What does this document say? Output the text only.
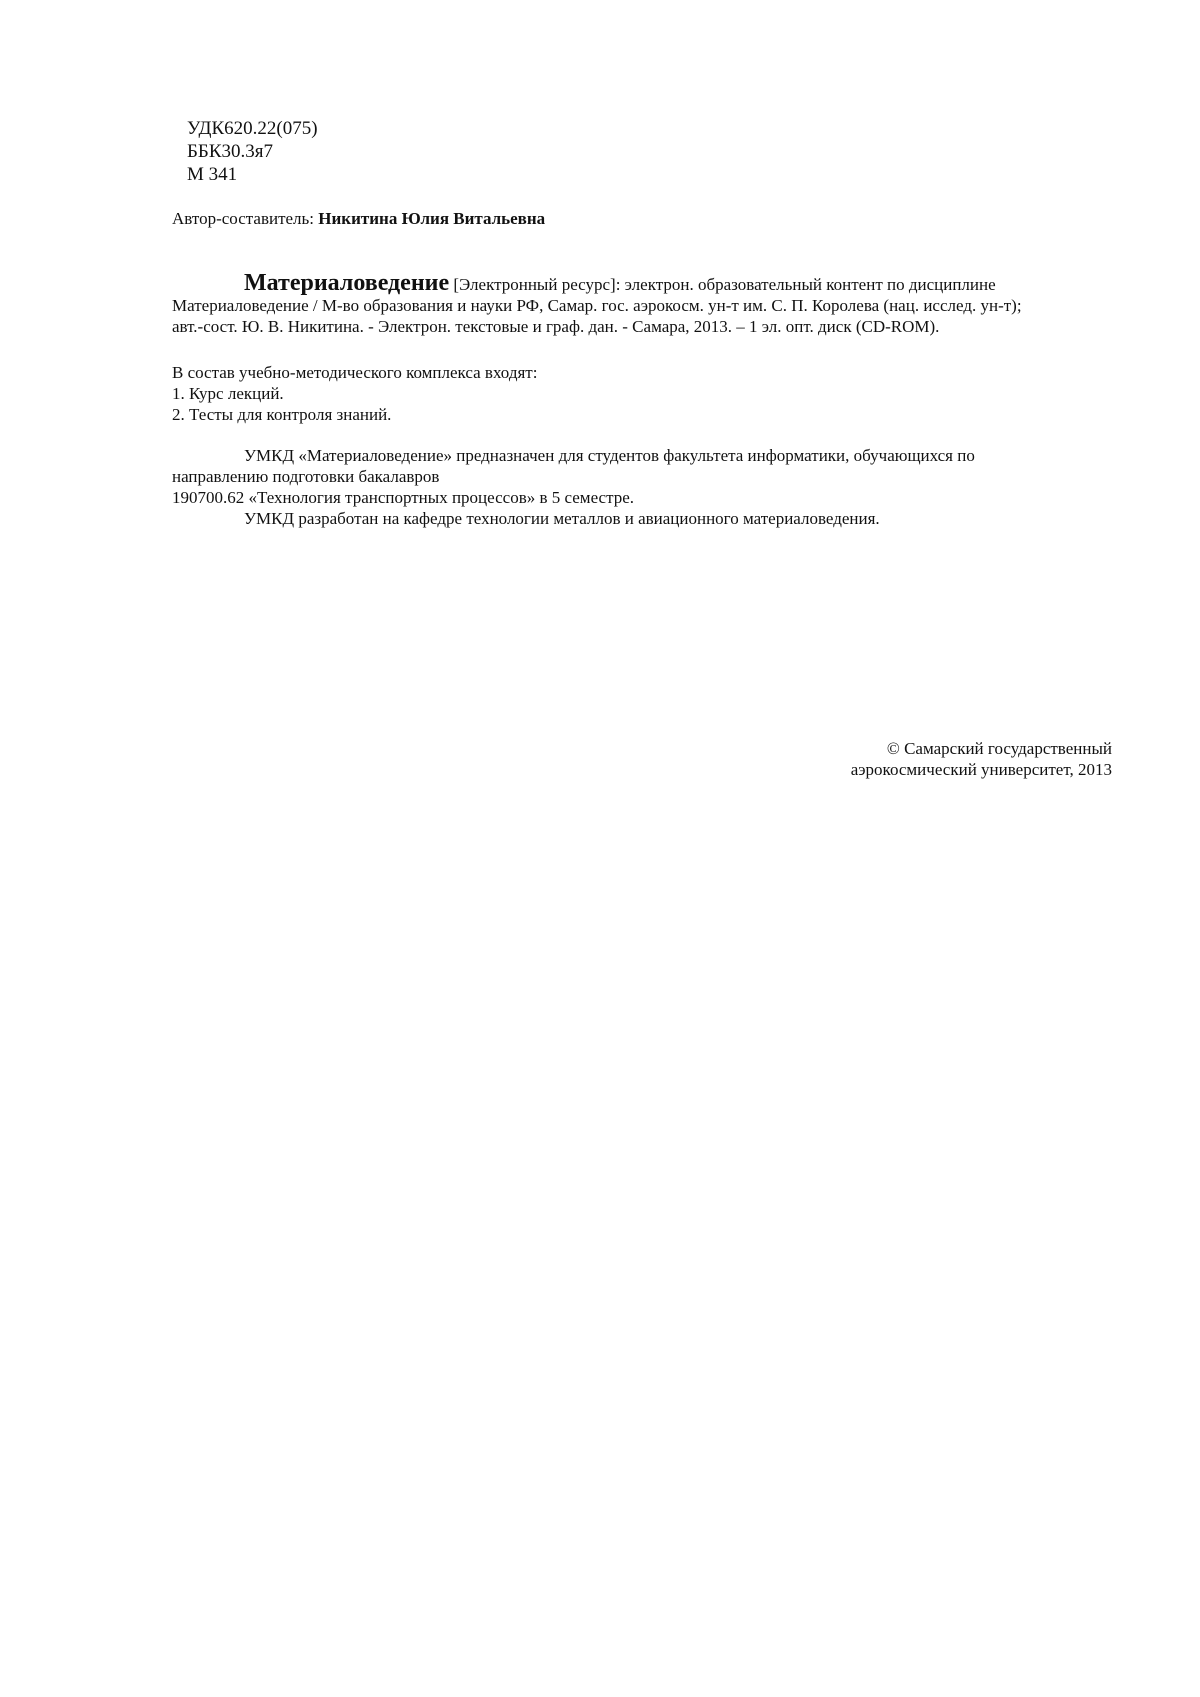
УДК620.22(075)
ББК30.3я7
М 341
Автор-составитель: Никитина Юлия Витальевна
Материаловедение [Электронный ресурс]: электрон. образовательный контент по дисциплине
Материаловедение / М-во образования и науки РФ, Самар. гос. аэрокосм. ун-т им. С. П. Королева (нац. исслед. ун-т);
авт.-сост. Ю. В. Никитина. - Электрон. текстовые и граф. дан. - Самара, 2013. – 1 эл. опт. диск (CD-ROM).
В состав учебно-методического комплекса входят:
1. Курс лекций.
2. Тесты для контроля знаний.
УМКД «Материаловедение» предназначен для студентов факультета информатики, обучающихся по
направлению подготовки бакалавров
190700.62 «Технология транспортных процессов» в 5 семестре.
УМКД разработан на кафедре технологии металлов и авиационного материаловедения.
© Самарский государственный
аэрокосмический университет, 2013
